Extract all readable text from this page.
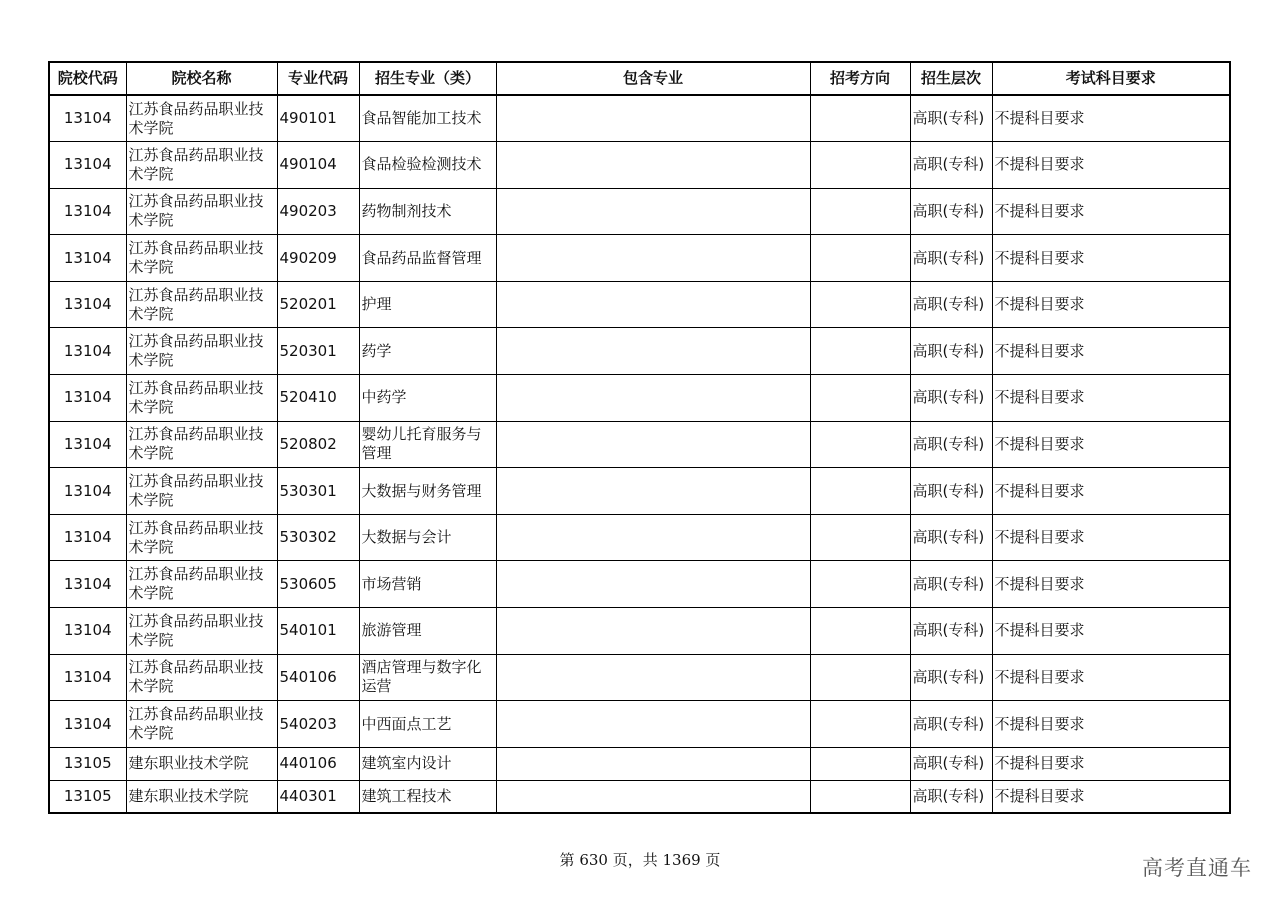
院校代码	院校名称	专业代码	招生专业（类）	包含专业	招考方向	招生层次	考试科目要求
13104	江苏食品药品职业技术学院	490101	食品智能加工技术			高职(专科)	不提科目要求
13104	江苏食品药品职业技术学院	490104	食品检验检测技术			高职(专科)	不提科目要求
13104	江苏食品药品职业技术学院	490203	药物制剂技术			高职(专科)	不提科目要求
13104	江苏食品药品职业技术学院	490209	食品药品监督管理			高职(专科)	不提科目要求
13104	江苏食品药品职业技术学院	520201	护理			高职(专科)	不提科目要求
13104	江苏食品药品职业技术学院	520301	药学			高职(专科)	不提科目要求
13104	江苏食品药品职业技术学院	520410	中药学			高职(专科)	不提科目要求
13104	江苏食品药品职业技术学院	520802	婴幼儿托育服务与管理			高职(专科)	不提科目要求
13104	江苏食品药品职业技术学院	530301	大数据与财务管理			高职(专科)	不提科目要求
13104	江苏食品药品职业技术学院	530302	大数据与会计			高职(专科)	不提科目要求
13104	江苏食品药品职业技术学院	530605	市场营销			高职(专科)	不提科目要求
13104	江苏食品药品职业技术学院	540101	旅游管理			高职(专科)	不提科目要求
13104	江苏食品药品职业技术学院	540106	酒店管理与数字化运营			高职(专科)	不提科目要求
13104	江苏食品药品职业技术学院	540203	中西面点工艺			高职(专科)	不提科目要求
13105	建东职业技术学院	440106	建筑室内设计			高职(专科)	不提科目要求
13105	建东职业技术学院	440301	建筑工程技术			高职(专科)	不提科目要求
第 630 页，共 1369 页	高考直通车
